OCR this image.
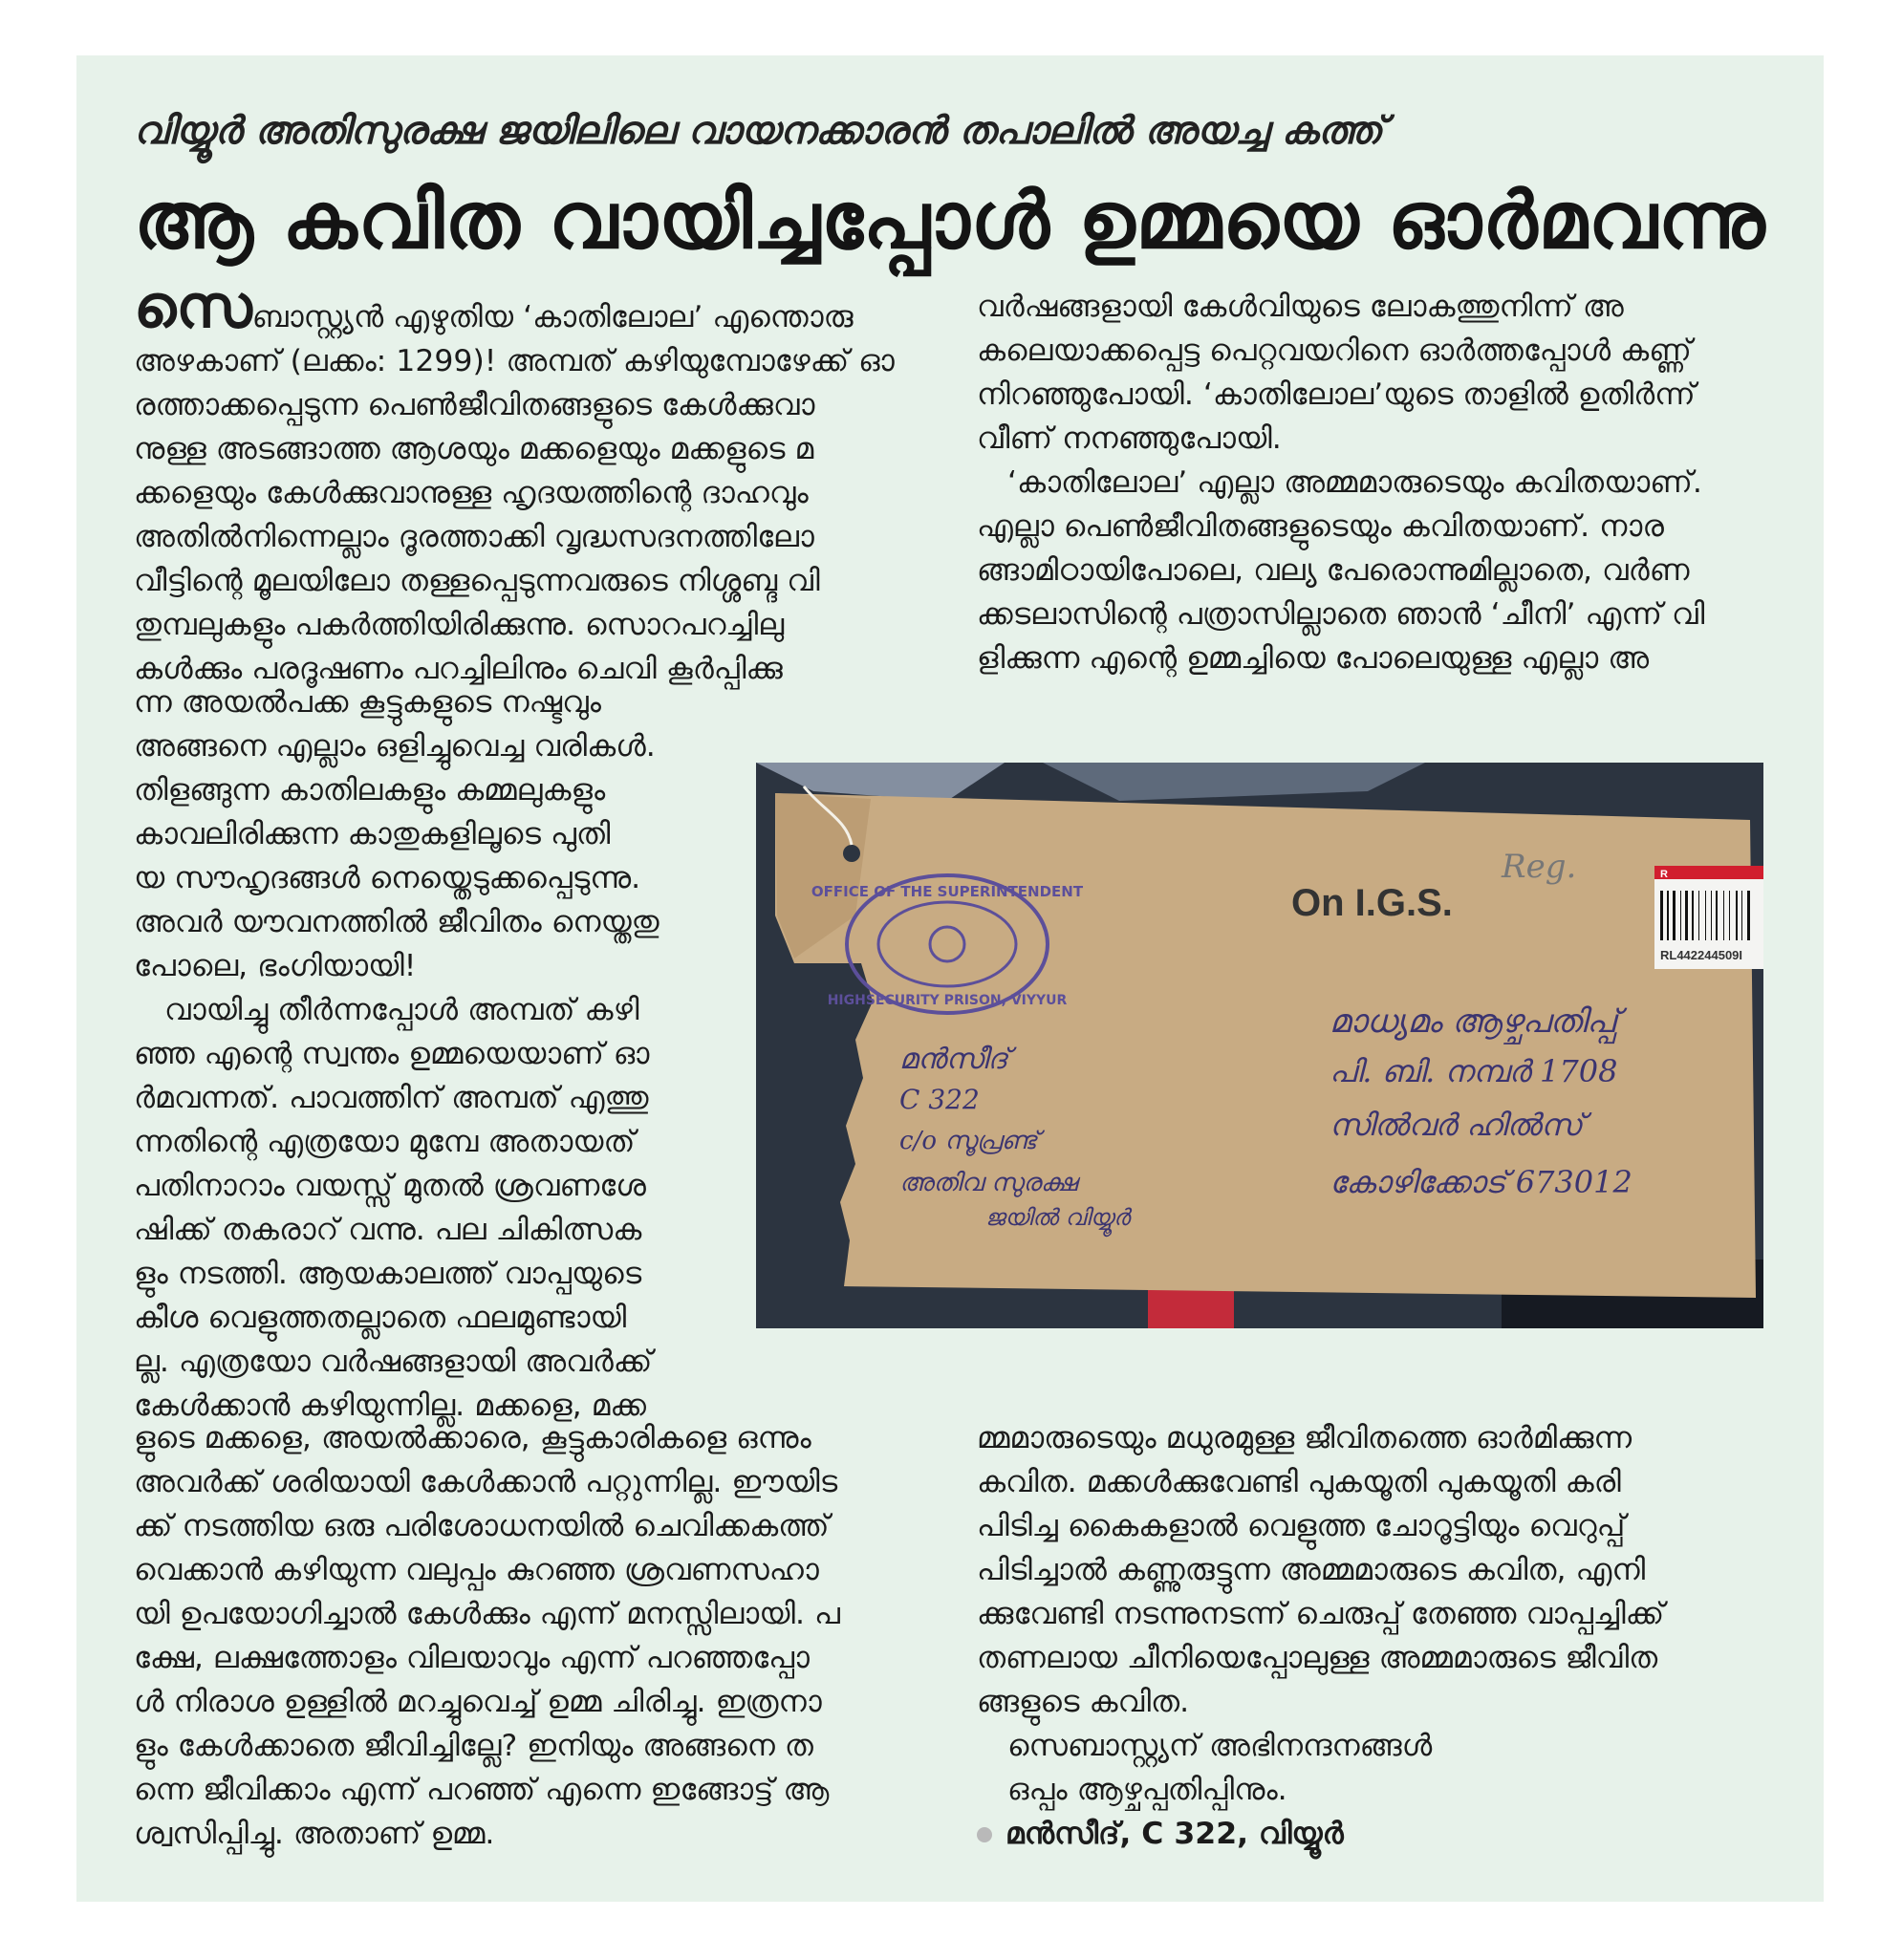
വിയ്യൂർ അതിസുരക്ഷ ജയിലിലെ വായനക്കാരൻ തപാലിൽ അയച്ച കത്ത്
ആ കവിത വായിച്ചപ്പോൾ ഉമ്മയെ ഓർമവന്നു

സെബാസ്റ്റ്യൻ എഴുതിയ ‘കാതിലോല’ എന്തൊരു

അഴകാണ് (ലക്കം: 1299)! അമ്പത് കഴിയുമ്പോഴേക്ക് ഓ

രത്താക്കപ്പെടുന്ന പെൺജീവിതങ്ങളുടെ കേൾക്കുവാ

നുള്ള അടങ്ങാത്ത ആശയും മക്കളെയും മക്കളുടെ മ

ക്കളെയും കേൾക്കുവാനുള്ള ഹൃദയത്തിന്റെ ദാഹവും

അതിൽനിന്നെല്ലാം ദൂരത്താക്കി വൃദ്ധസദനത്തിലോ

വീട്ടിന്റെ മൂലയിലോ തള്ളപ്പെടുന്നവരുടെ നിശ്ശബ്ദ വി

തുമ്പലുകളും പകർത്തിയിരിക്കുന്നു. സൊറപറച്ചിലു

കൾക്കും പരദൂഷണം പറച്ചിലിനും ചെവി കൂർപ്പിക്കു

ന്ന അയൽപക്ക കൂട്ടുകളുടെ നഷ്ടവും

അങ്ങനെ എല്ലാം ഒളിച്ചുവെച്ച വരികൾ.

തിളങ്ങുന്ന കാതിലകളും കമ്മലുകളും

കാവലിരിക്കുന്ന കാതുകളിലൂടെ പുതി

യ സൗഹൃദങ്ങൾ നെയ്തെടുക്കപ്പെടുന്നു.

അവർ യൗവനത്തിൽ ജീവിതം നെയ്തതു

പോലെ, ഭംഗിയായി!

വായിച്ചു തീർന്നപ്പോൾ അമ്പത് കഴി

ഞ്ഞ എന്റെ സ്വന്തം ഉമ്മയെയാണ് ഓ

ർമവന്നത്. പാവത്തിന് അമ്പത് എത്തു

ന്നതിന്റെ എത്രയോ മുമ്പേ അതായത്

പതിനാറാം വയസ്സ് മുതൽ ശ്രവണശേ

ഷിക്ക് തകരാറ് വന്നു. പല ചികിത്സക

ളും നടത്തി. ആയകാലത്ത് വാപ്പയുടെ

കീശ വെളുത്തതല്ലാതെ ഫലമുണ്ടായി

ല്ല. എത്രയോ വർഷങ്ങളായി അവർക്ക്

കേൾക്കാൻ കഴിയുന്നില്ല. മക്കളെ, മക്ക

ളുടെ മക്കളെ, അയൽക്കാരെ, കൂട്ടുകാരികളെ ഒന്നും

അവർക്ക് ശരിയായി കേൾക്കാൻ പറ്റുന്നില്ല. ഈയിട

ക്ക് നടത്തിയ ഒരു പരിശോധനയിൽ ചെവിക്കകത്ത്

വെക്കാൻ കഴിയുന്ന വലുപ്പം കുറഞ്ഞ ശ്രവണസഹാ

യി ഉപയോഗിച്ചാൽ കേൾക്കും എന്ന് മനസ്സിലായി. പ

ക്ഷേ, ലക്ഷത്തോളം വിലയാവും എന്ന് പറഞ്ഞപ്പോ

ൾ നിരാശ ഉള്ളിൽ മറച്ചുവെച്ച് ഉമ്മ ചിരിച്ചു. ഇത്രനാ

ളും കേൾക്കാതെ ജീവിച്ചില്ലേ? ഇനിയും അങ്ങനെ ത

ന്നെ ജീവിക്കാം എന്ന് പറഞ്ഞ് എന്നെ ഇങ്ങോട്ട് ആ

ശ്വസിപ്പിച്ചു. അതാണ് ഉമ്മ.

വർഷങ്ങളായി കേൾവിയുടെ ലോകത്തുനിന്ന് അ

കലെയാക്കപ്പെട്ട പെറ്റവയറിനെ ഓർത്തപ്പോൾ കണ്ണ്

നിറഞ്ഞുപോയി. ‘കാതിലോല’യുടെ താളിൽ ഉതിർന്ന്

വീണ് നനഞ്ഞുപോയി.

‘കാതിലോല’ എല്ലാ അമ്മമാരുടെയും കവിതയാണ്.

എല്ലാ പെൺജീവിതങ്ങളുടെയും കവിതയാണ്. നാര

ങ്ങാമിഠായിപോലെ, വല്യ പേരൊന്നുമില്ലാതെ, വർണ

ക്കടലാസിന്റെ പത്രാസില്ലാതെ ഞാൻ ‘ചീനി’ എന്ന് വി

ളിക്കുന്ന എന്റെ ഉമ്മച്ചിയെ പോലെയുള്ള എല്ലാ അ

മ്മമാരുടെയും മധുരമുള്ള ജീവിതത്തെ ഓർമിക്കുന്ന

കവിത. മക്കൾക്കുവേണ്ടി പുകയൂതി പുകയൂതി കരി

പിടിച്ച കൈകളാൽ വെളുത്ത ചോറൂട്ടിയും വെറുപ്പ്

പിടിച്ചാൽ കണ്ണുരുട്ടുന്ന അമ്മമാരുടെ കവിത, എനി

ക്കുവേണ്ടി നടന്നുനടന്ന് ചെരുപ്പ് തേഞ്ഞ വാപ്പച്ചിക്ക്

തണലായ ചീനിയെപ്പോലുള്ള അമ്മമാരുടെ ജീവിത

ങ്ങളുടെ കവിത.

സെബാസ്റ്റ്യന് അഭിനന്ദനങ്ങൾ

ഒപ്പം ആഴ്ചപ്പതിപ്പിനും.

മൻസീദ്, C 322, വിയ്യൂർ

OFFICE OF THE SUPERINTENDENT
HIGHSECURITY PRISON, VIYYUR
On I.G.S.
Reg.	R
RL442244509I
മൻസീദ്
C 322
c/o സൂപ്രണ്ട്
അതിവ സുരക്ഷ
ജയിൽ വിയ്യൂർ
മാധ്യമം ആഴ്ചപതിപ്പ്
പി. ബി. നമ്പർ 1708
സിൽവർ ഹിൽസ്
കോഴിക്കോട് 673012
